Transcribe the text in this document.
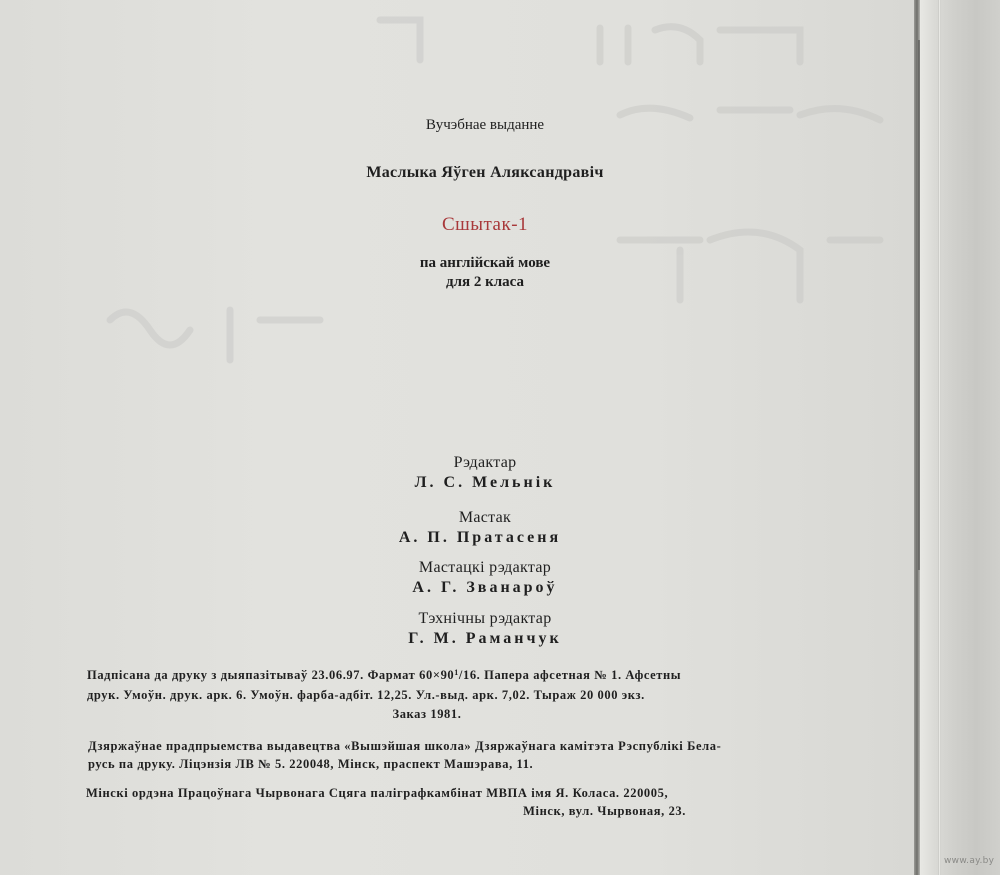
Вучэбнае выданне
Маслыка Яўген Аляксандравіч
Сшытак-1
па англійскай мове
для 2 класа
Рэдактар
Л. С. Мельнік
Мастак
А. П. Пратасеня
Мастацкі рэдактар
А. Г. Званароў
Тэхнічны рэдактар
Г. М. Раманчук
Падпісана да друку з дыяпазітываў 23.06.97. Фармат $60\times 90^1/16$. Папера афсетная № 1. Афсетны
друк. Умоўн. друк. арк. 6. Умоўн. фарба-адбіт. 12,25. Ул.-выд. арк. 7,02. Тыраж 20 000 экз.
Заказ 1981.
Дзяржаўнае прадпрыемства выдавецтва «Вышэйшая школа» Дзяржаўнага камітэта Рэспублікі Бела-
русь па друку. Ліцэнзія ЛВ № 5. 220048, Мінск, праспект Машэрава, 11.
Мінскі ордэна Працоўнага Чырвонага Сцяга паліграфкамбінат МВПА імя Я. Коласа. 220005,
Мінск, вул. Чырвоная, 23.
www.ay.by
